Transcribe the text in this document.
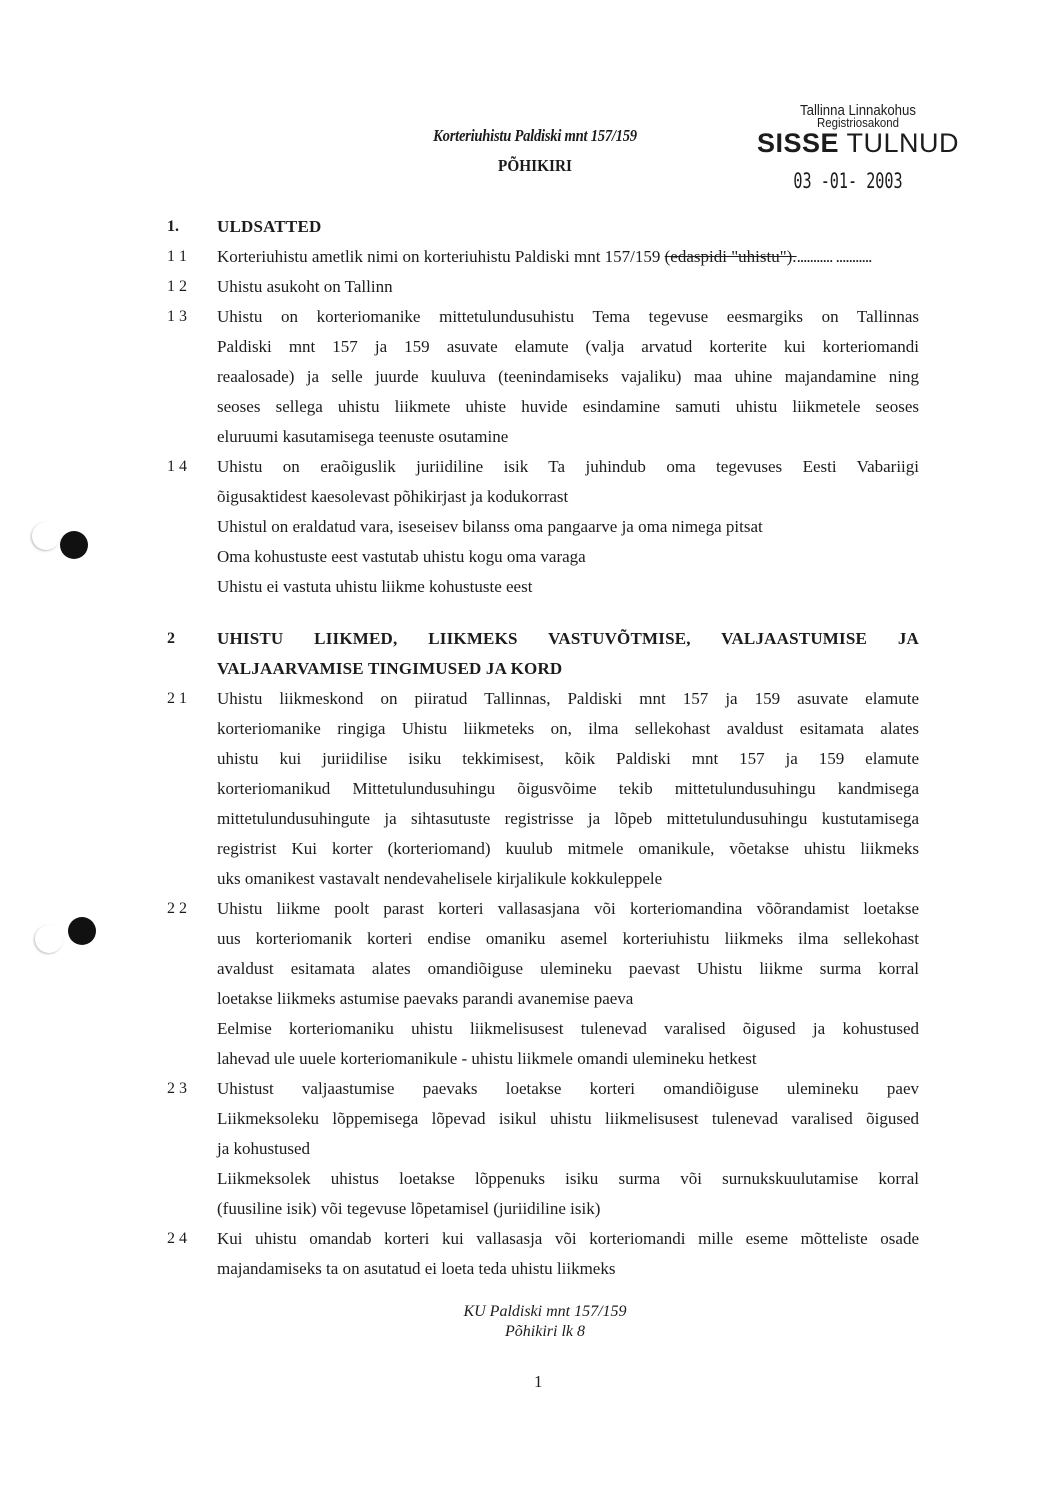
Korteriuhistu Paldiski mnt 157/159
PÕHIKIRI
Tallinna Linnakohus
Registriosakond
SISSE TULNUD
03 -01- 2003
1.	ULDSATTED
1 1	Korteriuhistu ametlik nimi on korteriuhistu Paldiski mnt 157/159 (edaspidi "uhistu")............ ...........
1 2	Uhistu asukoht on Tallinn
1 3	Uhistu on korteriomanike mittetulundusuhistu Tema tegevuse eesmargiks on Tallinnas
Paldiski mnt 157 ja 159 asuvate elamute (valja arvatud korterite kui korteriomandi
reaalosade) ja selle juurde kuuluva (teenindamiseks vajaliku) maa uhine majandamine ning
seoses sellega uhistu liikmete uhiste huvide esindamine samuti uhistu liikmetele seoses
eluruumi kasutamisega teenuste osutamine
1 4	Uhistu on eraõiguslik juriidiline isik Ta juhindub oma tegevuses Eesti Vabariigi
õigusaktidest kaesolevast põhikirjast ja kodukorrast
Uhistul on eraldatud vara, iseseisev bilanss oma pangaarve ja oma nimega pitsat
Oma kohustuste eest vastutab uhistu kogu oma varaga
Uhistu ei vastuta uhistu liikme kohustuste eest
2	UHISTU LIIKMED, LIIKMEKS VASTUVÕTMISE, VALJAASTUMISE JA
VALJAARVAMISE TINGIMUSED JA KORD
2 1	Uhistu liikmeskond on piiratud Tallinnas, Paldiski mnt 157 ja 159 asuvate elamute
korteriomanike ringiga Uhistu liikmeteks on, ilma sellekohast avaldust esitamata alates
uhistu kui juriidilise isiku tekkimisest, kõik Paldiski mnt 157 ja 159 elamute
korteriomanikud Mittetulundusuhingu õigusvõime tekib mittetulundusuhingu kandmisega
mittetulundusuhingute ja sihtasutuste registrisse ja lõpeb mittetulundusuhingu kustutamisega
registrist Kui korter (korteriomand) kuulub mitmele omanikule, võetakse uhistu liikmeks
uks omanikest vastavalt nendevahelisele kirjalikule kokkuleppele
2 2	Uhistu liikme poolt parast korteri vallasasjana või korteriomandina võõrandamist loetakse
uus korteriomanik korteri endise omaniku asemel korteriuhistu liikmeks ilma sellekohast
avaldust esitamata alates omandiõiguse ulemineku paevast Uhistu liikme surma korral
loetakse liikmeks astumise paevaks parandi avanemise paeva
Eelmise korteriomaniku uhistu liikmelisusest tulenevad varalised õigused ja kohustused
lahevad ule uuele korteriomanikule - uhistu liikmele omandi ulemineku hetkest
2 3	Uhistust valjaastumise paevaks loetakse korteri omandiõiguse ulemineku paev
Liikmeksoleku lõppemisega lõpevad isikul uhistu liikmelisusest tulenevad varalised õigused
ja kohustused
Liikmeksolek uhistus loetakse lõppenuks isiku surma või surnukskuulutamise korral
(fuusiline isik) või tegevuse lõpetamisel (juriidiline isik)
2 4	Kui uhistu omandab korteri kui vallasasja või korteriomandi mille eseme mõtteliste osade
majandamiseks ta on asutatud ei loeta teda uhistu liikmeks
KU Paldiski mnt 157/159
Põhikiri lk 8
1
